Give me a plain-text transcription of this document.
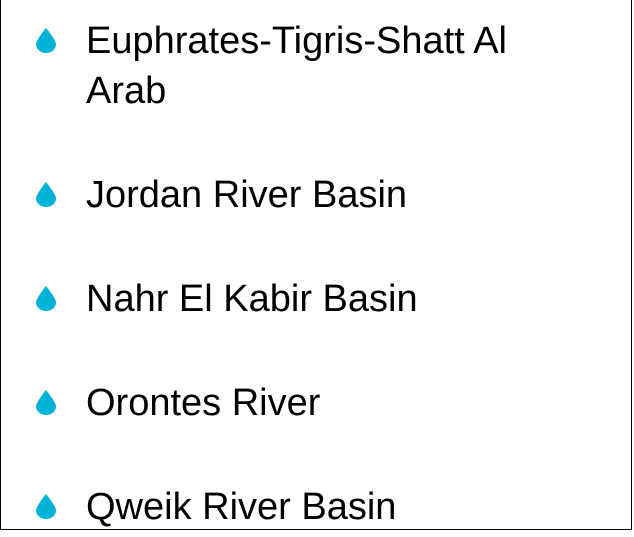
Euphrates-Tigris-Shatt Al Arab
Jordan River Basin
Nahr El Kabir Basin
Orontes River
Qweik River Basin
